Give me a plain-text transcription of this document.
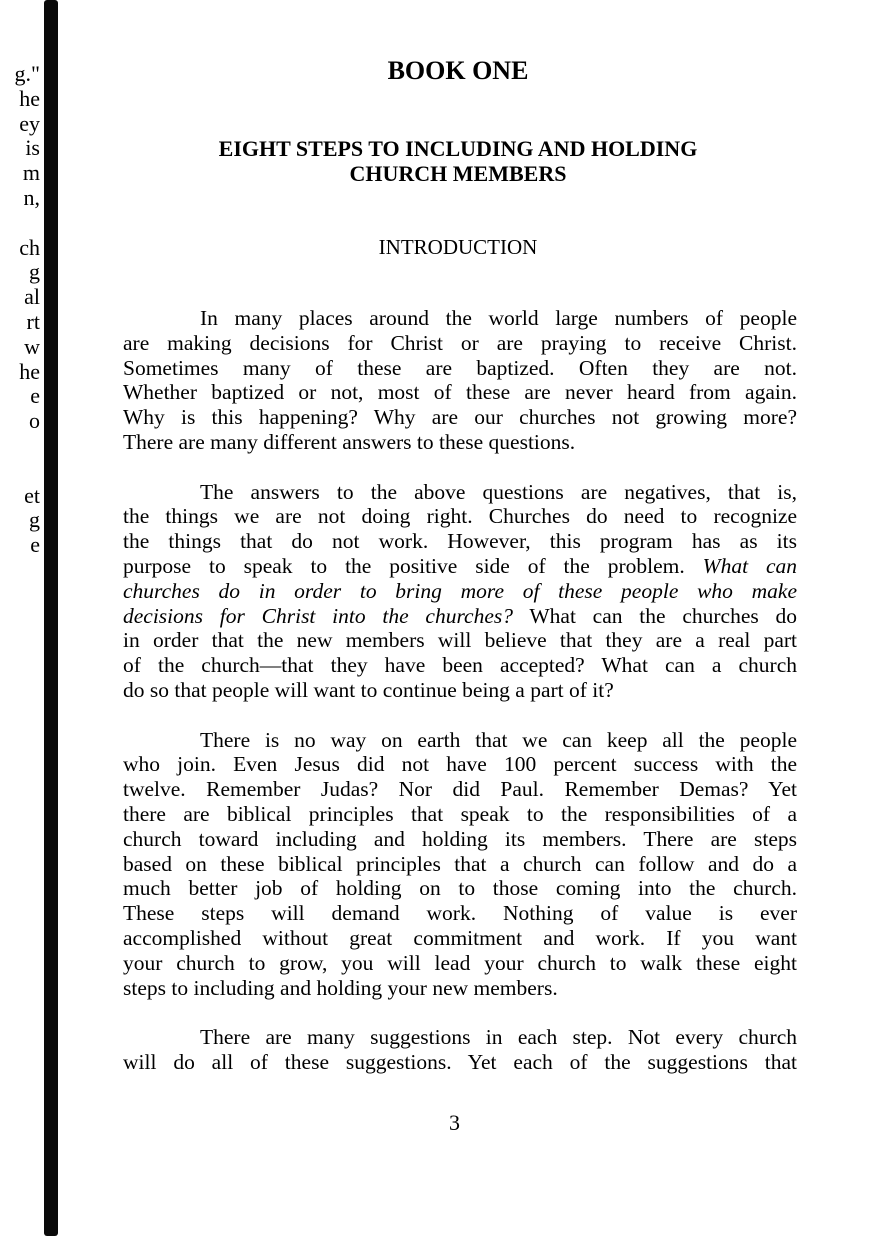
g."
he
ey
is
m
n,
ch
g
al
rt
w
he
e
o
et
g
e
BOOK ONE
EIGHT STEPS TO INCLUDING AND HOLDING
CHURCH MEMBERS
INTRODUCTION
In many places around the world large numbers of people
are making decisions for Christ or are praying to receive Christ.
Sometimes many of these are baptized. Often they are not.
Whether baptized or not, most of these are never heard from again.
Why is this happening? Why are our churches not growing more?
There are many different answers to these questions.
The answers to the above questions are negatives, that is,
the things we are not doing right. Churches do need to recognize
the things that do not work. However, this program has as its
purpose to speak to the positive side of the problem. What can
churches do in order to bring more of these people who make
decisions for Christ into the churches? What can the churches do
in order that the new members will believe that they are a real part
of the church—that they have been accepted? What can a church
do so that people will want to continue being a part of it?
There is no way on earth that we can keep all the people
who join. Even Jesus did not have 100 percent success with the
twelve. Remember Judas? Nor did Paul. Remember Demas? Yet
there are biblical principles that speak to the responsibilities of a
church toward including and holding its members. There are steps
based on these biblical principles that a church can follow and do a
much better job of holding on to those coming into the church.
These steps will demand work. Nothing of value is ever
accomplished without great commitment and work. If you want
your church to grow, you will lead your church to walk these eight
steps to including and holding your new members.
There are many suggestions in each step. Not every church
will do all of these suggestions. Yet each of the suggestions that
3
